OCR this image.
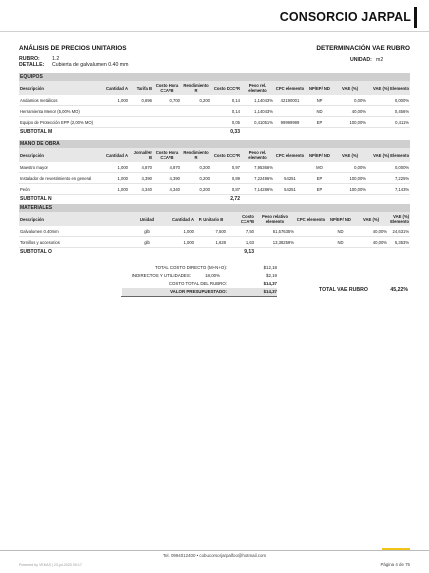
CONSORCIO JARPAL
ANÁLISIS DE PRECIOS UNITARIOS	DETERMINACIÓN VAE RUBRO
RUBRO: 1.2
DETALLE: Cubierta de galvalumen 0.40 mm
UNIDAD: m2
EQUIPOS										
Descripción	Cantidad A	Tarifa B	Costo Hora C=A*B	Rendimiento R	Costo D=C*R	Peso rel. elemento	CPC elemento	NP/EP/ ND	VAE (%)	VAE (%) Elemento
Andamios metálicos	1,000	0,696	0,700	0,200	0,14	1,14043%	42190001	NP	0,00%	0,000%
Herramienta Menor (5,00% MO)					0,14	1,14043%		ND	40,00%	0,456%
Equipo de Protección EPP (2,00% MO)					0,05	0,41051%	99999999	EP	100,00%	0,411%
SUBTOTAL M					0,33					
MANO DE OBRA										
Descripción	Cantidad A	Jornal/Hr B	Costo Hora C=A*B	Rendimiento R	Costo D=C*R	Peso rel. elemento	CPC elemento	NP/EP/ ND	VAE (%)	VAE (%) Elemento
Maestro mayor	1,000	4,870	4,870	0,200	0,97	7,95366%		MO	0,00%	0,000%
Instalador de revestimiento en general	1,000	4,390	4,390	0,200	0,89	7,22496%	54251	EP	100,00%	7,225%
Peón	1,000	4,340	4,340	0,200	0,87	7,14286%	54251	EP	100,00%	7,143%
SUBTOTAL N					2,72					
MATERIALES									
Descripción	Unidad	Cantidad A	P. Unitario B	Costo C=A*B	Peso relativo elemento	CPC elemento	NP/EP/ ND	VAE (%)	VAE (%) Elemento
Galvalumen 0.40mm	glb	1,000	7,500	7,50	61,57635%		ND	40,00%	24,631%
Tornillos y accesorios	glb	1,000	1,628	1,63	13,38259%		ND	40,00%	5,353%
SUBTOTAL O				9,13					
TOTAL COSTO DIRECTO (M+N+O):	$12,18
INDIRECTOS Y UTILIDADES:	18,00%	$2,19
COSTO TOTAL DEL RUBRO:	$14,37
VALOR PRESUPUESTADO:	$14,37	TOTAL VAE RUBRO	45,22%
Tel. 0994012400 • cobucorsorjarpalfoo@hotmail.com
Powered by VEKAS | 23-jul-2020 00:17	Página 4 de 75
